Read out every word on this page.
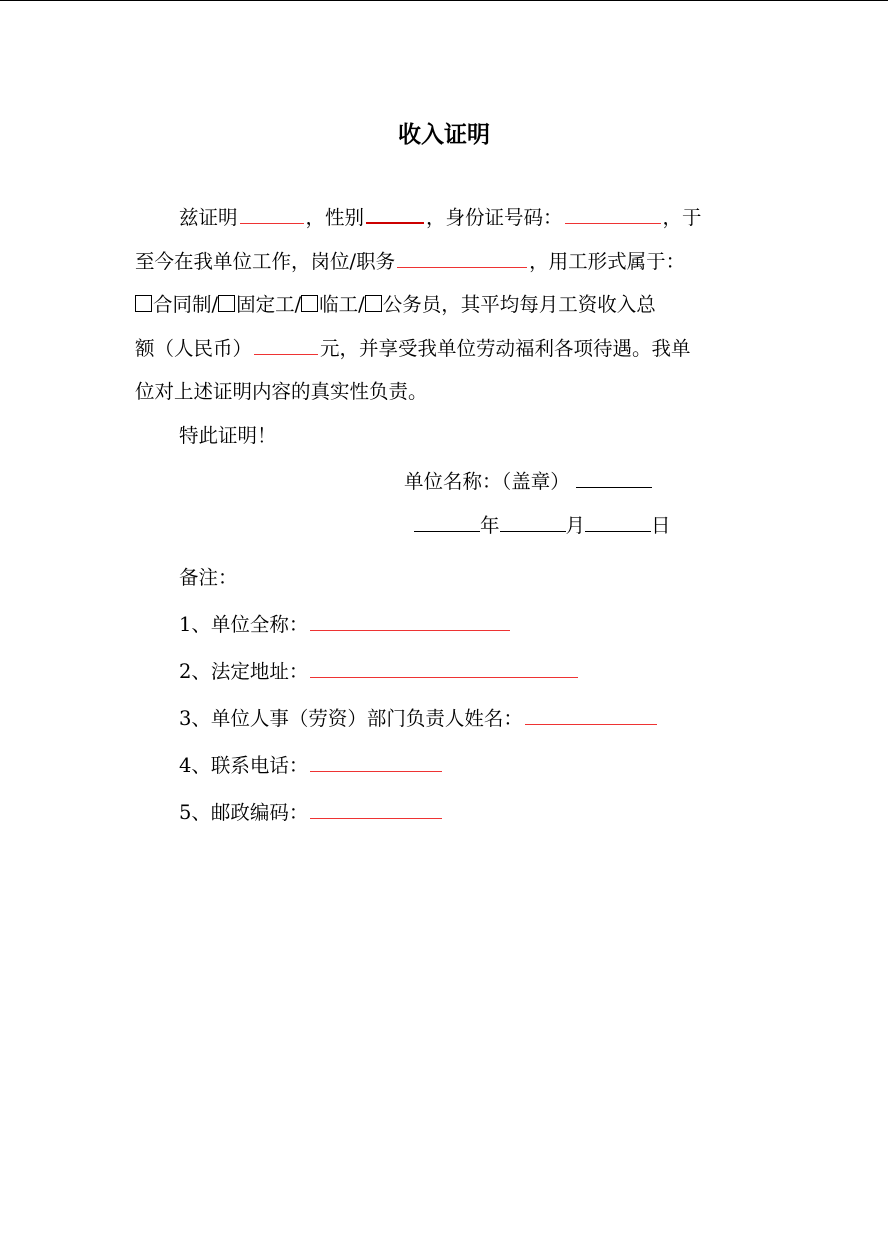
收入证明
兹证明	，性别	，身份证号码：	，于
至今在我单位工作，岗位/职务	，用工形式属于：
合同制/ 固定工/ 临工/ 公务员，其平均每月工资收入总
额（人民币）	元，并享受我单位劳动福利各项待遇。我单
位对上述证明内容的真实性负责。
特此证明！
单位名称：（盖章）
年	月	日
备注：
1、单位全称：
2、法定地址：
3、单位人事（劳资）部门负责人姓名：
4、联系电话：
5、邮政编码：
